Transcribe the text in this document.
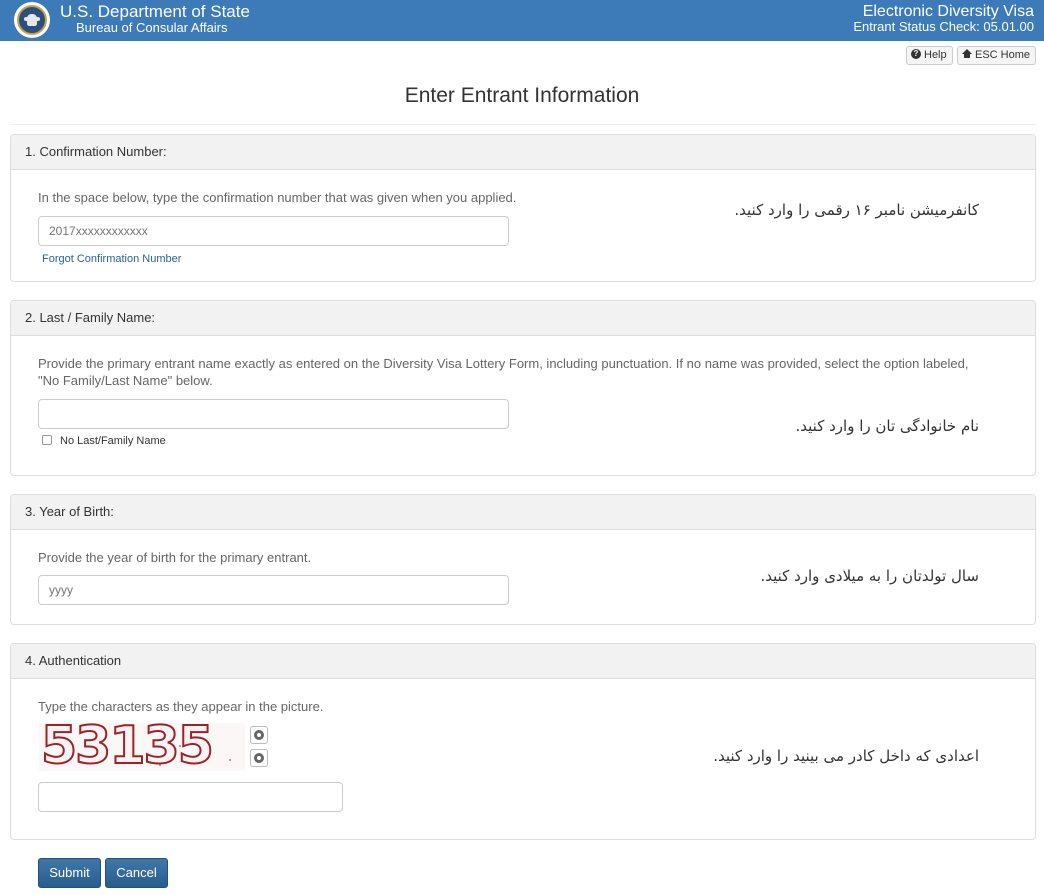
U.S. Department of State
Bureau of Consular Affairs
Electronic Diversity Visa
Entrant Status Check: 05.01.00
? Help	ESC Home
Enter Entrant Information
1. Confirmation Number:
In the space below, type the confirmation number that was given when you applied.
2017xxxxxxxxxxxx
Forgot Confirmation Number
کانفرمیشن نامبر ۱۶ رقمی را وارد کنید.
2. Last / Family Name:
Provide the primary entrant name exactly as entered on the Diversity Visa Lottery Form, including punctuation. If no name was provided, select the option labeled, "No Family/Last Name" below.
No Last/Family Name
نام خانوادگی تان را وارد کنید.
3. Year of Birth:
Provide the year of birth for the primary entrant.
yyyy
سال تولدتان را به میلادی وارد کنید.
4. Authentication
Type the characters as they appear in the picture.
53135	اعدادی که داخل کادر می بینید را وارد کنید.
Submit	Cancel
